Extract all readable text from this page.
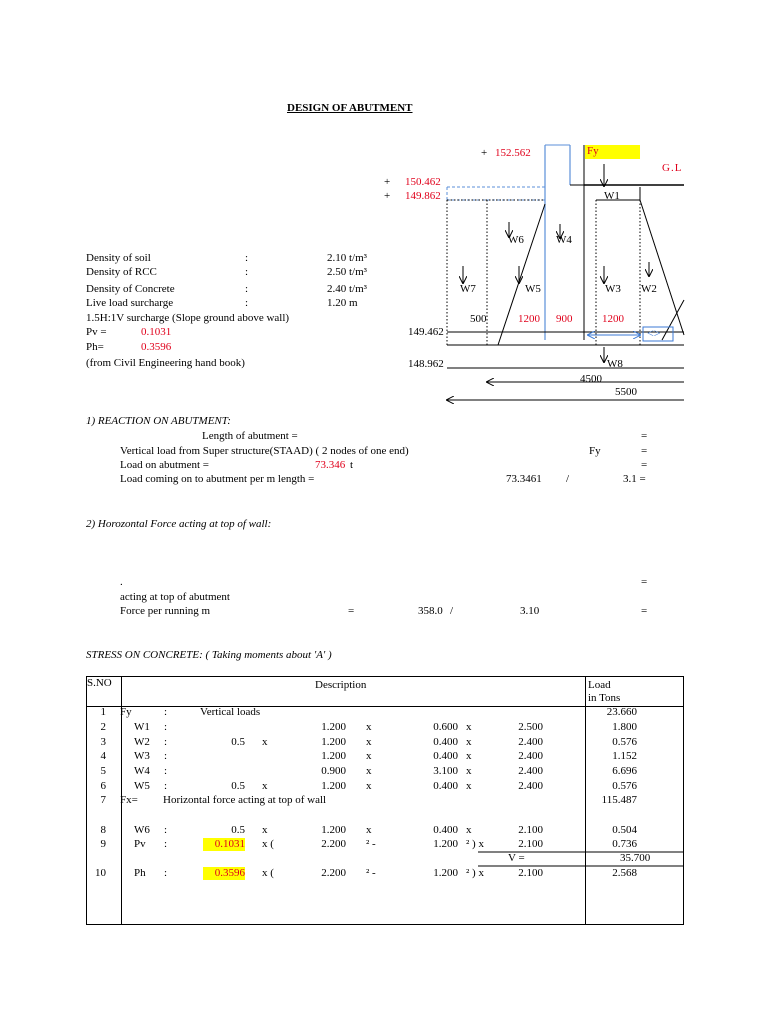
DESIGN OF ABUTMENT
+ 152.562
+ 150.462
+ 149.862
Fy
G.L
W1
W6	W4
W7	W5	W3 W2
W8
500	1200 900	1200
<>
149.462
148.962
4500
5500
Density of soil	:	2.10 t/m³
Density of RCC	:	2.50 t/m³
Density of Concrete	:	2.40 t/m³
Live load surcharge	:	1.20 m
1.5H:1V surcharge (Slope ground above wall)
Pv =	0.1031
Ph=	0.3596
(from Civil Engineering hand book)
1) REACTION ON ABUTMENT:
Length of abutment =	=
Vertical load from Super structure(STAAD) ( 2 nodes of one end)	Fy	=
Load on abutment =	73.346 t	=
Load coming on to abutment per m length =	73.3461 /	3.1 =
2) Horozontal Force acting at top of wall:
.	=
acting at top of abutment
Force per running m	=	358.0 /	3.10	=
STRESS ON CONCRETE: ( Taking moments about 'A' )
S.NO		
			Description	Load
in Tons
1 Fy	:	23.660
Vertical loads
2	W1 :	1.200 x	0.600 x	2.500	1.800
3	W2 :	0.5 x	1.200 x	0.400 x	2.400	0.576
4	W3 :	1.200 x	0.400 x	2.400	1.152
5	W4 :	0.900 x	3.100 x	2.400	6.696
6	W5 :	0.5 x	1.200 x	0.400 x	2.400	0.576
7 Fx=	115.487
Horizontal force acting at top of wall
8	W6 :	0.5 x	1.200 x	0.400 x	2.100	0.504
9	Pv :	0.1031 x (	2.200 ² -	1.200 ² ) x	2.100	0.736
10	Ph :	0.3596 x (	2.200 ² -	1.200 ² ) x	2.100	2.568
V =	35.700
